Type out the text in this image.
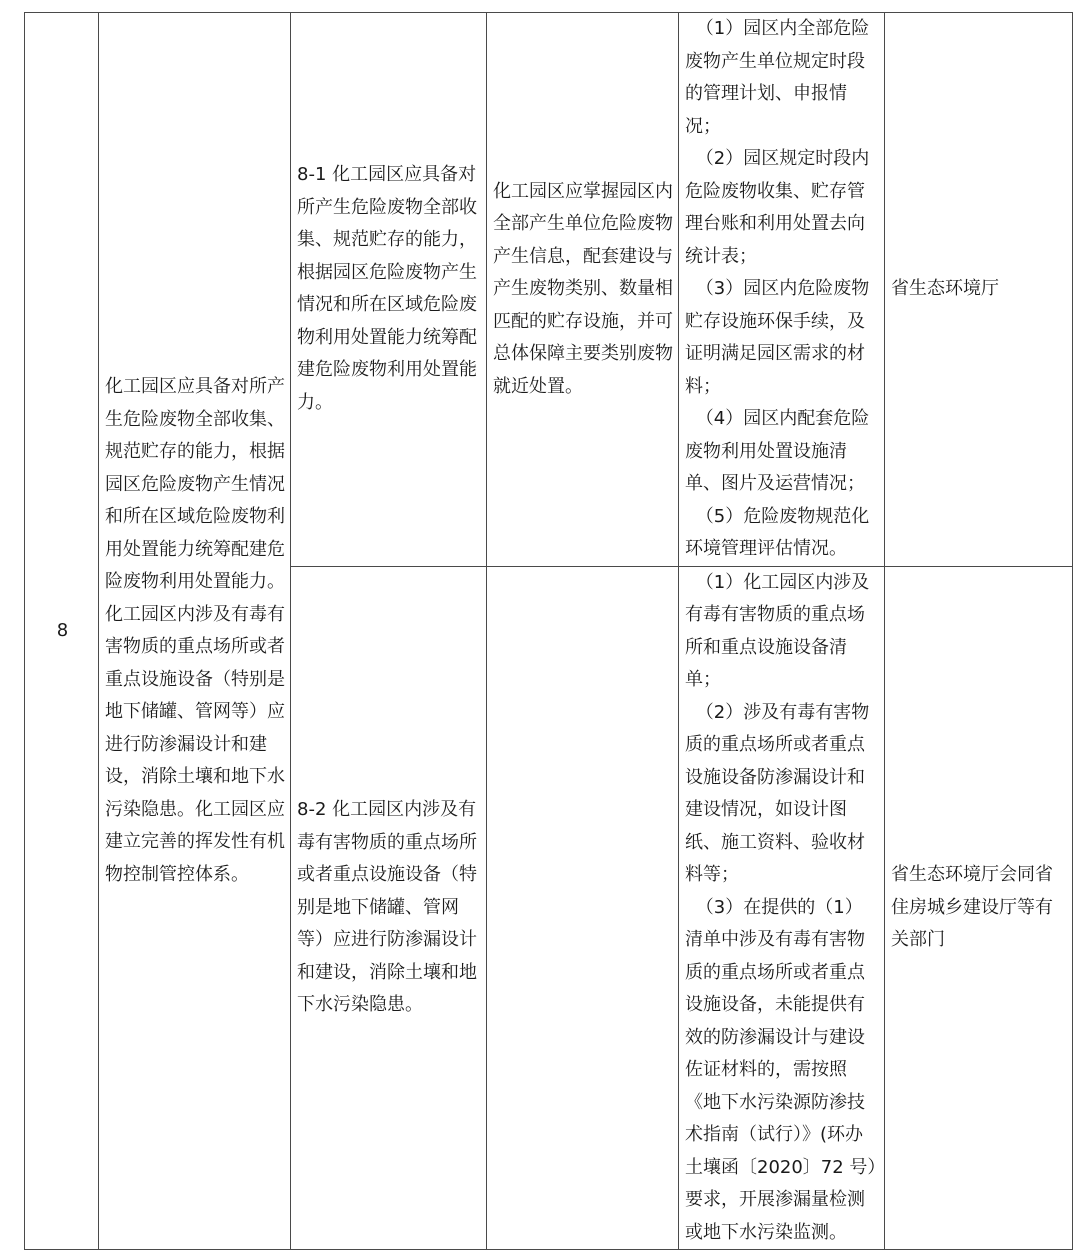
8	化工园区应具备对所产生危险废物全部收集、规范贮存的能力，根据园区危险废物产生情况和所在区域危险废物利用处置能力统筹配建危险废物利用处置能力。化工园区内涉及有毒有害物质的重点场所或者重点设施设备（特别是地下储罐、管网等）应进行防渗漏设计和建设，消除土壤和地下水污染隐患。化工园区应建立完善的挥发性有机物控制管控体系。	8-1 化工园区应具备对所产生危险废物全部收集、规范贮存的能力，根据园区危险废物产生情况和所在区域危险废物利用处置能力统筹配建危险废物利用处置能力。	化工园区应掌握园区内全部产生单位危险废物产生信息，配套建设与产生废物类别、数量相匹配的贮存设施，并可总体保障主要类别废物就近处置。	（1）园区内全部危险废物产生单位规定时段的管理计划、申报情况；
（2）园区规定时段内危险废物收集、贮存管理台账和利用处置去向统计表；
（3）园区内危险废物贮存设施环保手续，及证明满足园区需求的材料；
（4）园区内配套危险废物利用处置设施清单、图片及运营情况；
（5）危险废物规范化环境管理评估情况。	省生态环境厅
		8-2 化工园区内涉及有毒有害物质的重点场所或者重点设施设备（特别是地下储罐、管网等）应进行防渗漏设计和建设，消除土壤和地下水污染隐患。		（1）化工园区内涉及有毒有害物质的重点场所和重点设施设备清单；
（2）涉及有毒有害物质的重点场所或者重点设施设备防渗漏设计和建设情况，如设计图纸、施工资料、验收材料等；
（3）在提供的（1）清单中涉及有毒有害物质的重点场所或者重点设施设备，未能提供有效的防渗漏设计与建设佐证材料的，需按照《地下水污染源防渗技术指南（试行）》(环办土壤函〔2020〕72 号）要求，开展渗漏量检测或地下水污染监测。	省生态环境厅会同省住房城乡建设厅等有关部门
